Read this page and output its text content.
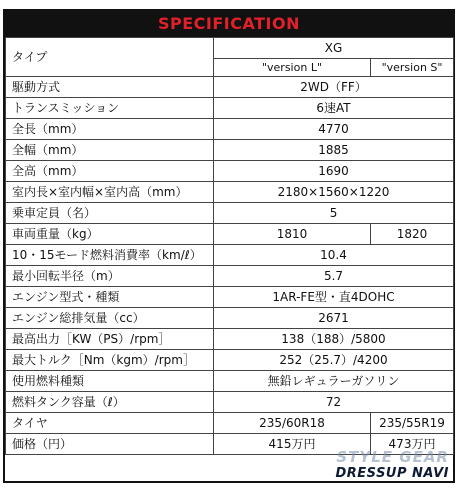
SPECIFICATION
タイプ	XG	
	"version L"	"version S"
駆動方式	2WD（FF）	
トランスミッション	6速AT	
全長（mm）	4770	
全幅（mm）	1885	
全高（mm）	1690	
室内長×室内幅×室内高（mm）	2180×1560×1220	
乗車定員（名）	5	
車両重量（kg）	1810	1820
10・15モード燃料消費率（km/ℓ）	10.4	
最小回転半径（m）	5.7	
エンジン型式・種類	1AR-FE型・直4DOHC	
エンジン総排気量（cc）	2671	
最高出力［KW（PS）/rpm］	138（188）/5800	
最大トルク［Nm（kgm）/rpm］	252（25.7）/4200	
使用燃料種類	無鉛レギュラーガソリン	
燃料タンク容量（ℓ）	72	
タイヤ	235/60R18	235/55R19
価格（円）	415万円	473万円
STYLE GEAR
DRESSUP NAVI
